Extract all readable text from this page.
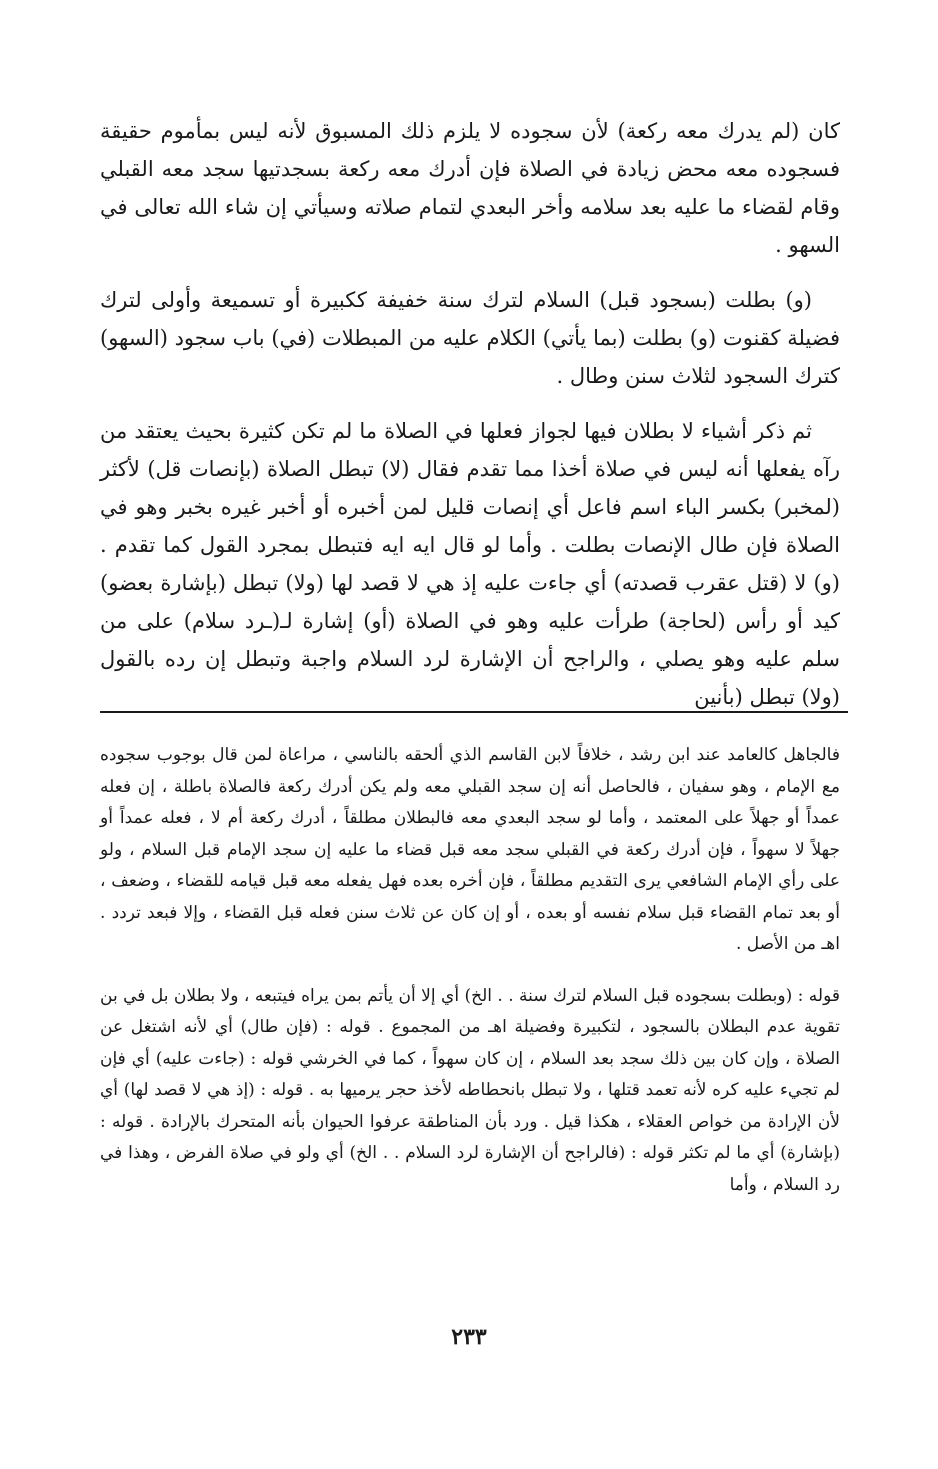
كان (لم يدرك معه ركعة) لأن سجوده لا يلزم ذلك المسبوق لأنه ليس بمأموم حقيقة فسجوده معه محض زيادة في الصلاة فإن أدرك معه ركعة بسجدتيها سجد معه القبلي وقام لقضاء ما عليه بعد سلامه وأخر البعدي لتمام صلاته وسيأتي إن شاء الله تعالى في السهو .

(و) بطلت (بسجود قبل) السلام لترك سنة خفيفة ككبيرة أو تسميعة وأولى لترك فضيلة كقنوت (و) بطلت (بما يأتي) الكلام عليه من المبطلات (في) باب سجود (السهو) كترك السجود لثلاث سنن وطال .

ثم ذكر أشياء لا بطلان فيها لجواز فعلها في الصلاة ما لم تكن كثيرة بحيث يعتقد من رآه يفعلها أنه ليس في صلاة أخذا مما تقدم فقال (لا) تبطل الصلاة (بإنصات قل) لأكثر (لمخبر) بكسر الباء اسم فاعل أي إنصات قليل لمن أخبره أو أخبر غيره بخبر وهو في الصلاة فإن طال الإنصات بطلت . وأما لو قال ايه ايه فتبطل بمجرد القول كما تقدم . (و) لا (قتل عقرب قصدته) أي جاءت عليه إذ هي لا قصد لها (ولا) تبطل (بإشارة بعضو) كيد أو رأس (لحاجة) طرأت عليه وهو في الصلاة (أو) إشارة لـ(ـرد سلام) على من سلم عليه وهو يصلي ، والراجح أن الإشارة لرد السلام واجبة وتبطل إن رده بالقول (ولا) تبطل (بأنين

فالجاهل كالعامد عند ابن رشد ، خلافاً لابن القاسم الذي ألحقه بالناسي ، مراعاة لمن قال بوجوب سجوده مع الإمام ، وهو سفيان ، فالحاصل أنه إن سجد القبلي معه ولم يكن أدرك ركعة فالصلاة باطلة ، إن فعله عمداً أو جهلاً على المعتمد ، وأما لو سجد البعدي معه فالبطلان مطلقاً ، أدرك ركعة أم لا ، فعله عمداً أو جهلاً لا سهواً ، فإن أدرك ركعة في القبلي سجد معه قبل قضاء ما عليه إن سجد الإمام قبل السلام ، ولو على رأي الإمام الشافعي يرى التقديم مطلقاً ، فإن أخره بعده فهل يفعله معه قبل قيامه للقضاء ، وضعف ، أو بعد تمام القضاء قبل سلام نفسه أو بعده ، أو إن كان عن ثلاث سنن فعله قبل القضاء ، وإلا فبعد تردد . اهـ من الأصل .

قوله : (وبطلت بسجوده قبل السلام لترك سنة . . الخ) أي إلا أن يأتم بمن يراه فيتبعه ، ولا بطلان بل في بن تقوية عدم البطلان بالسجود ، لتكبيرة وفضيلة اهـ من المجموع . قوله : (فإن طال) أي لأنه اشتغل عن الصلاة ، وإن كان بين ذلك سجد بعد السلام ، إن كان سهواً ، كما في الخرشي قوله : (جاءت عليه) أي فإن لم تجيء عليه كره لأنه تعمد قتلها ، ولا تبطل بانحطاطه لأخذ حجر يرميها به . قوله : (إذ هي لا قصد لها) أي لأن الإرادة من خواص العقلاء ، هكذا قيل . ورد بأن المناطقة عرفوا الحيوان بأنه المتحرك بالإرادة . قوله : (بإشارة) أي ما لم تكثر قوله : (فالراجح أن الإشارة لرد السلام . . الخ) أي ولو في صلاة الفرض ، وهذا في رد السلام ، وأما

٢٣٣
